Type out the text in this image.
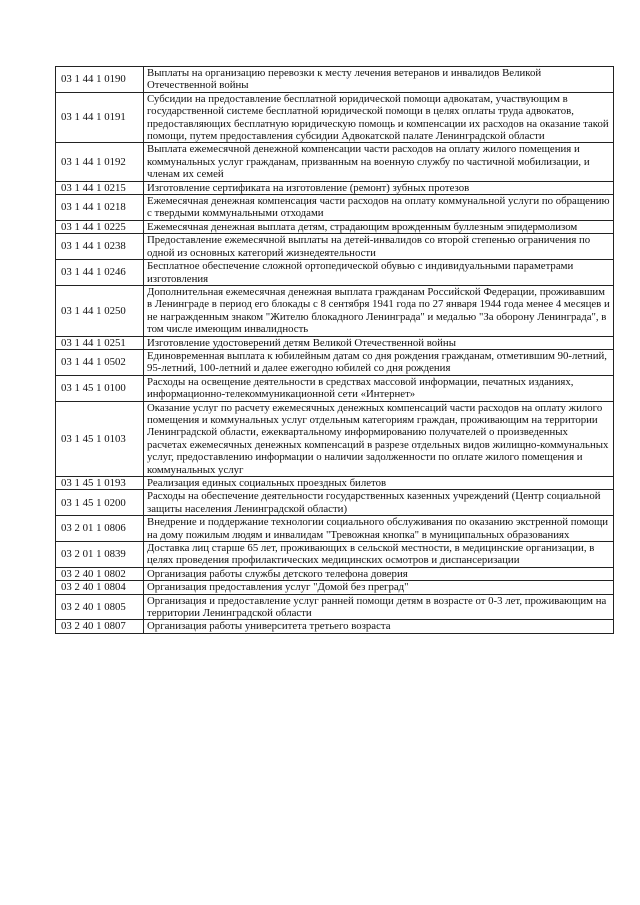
03 1 44 1 0190	Выплаты на организацию перевозки к месту лечения ветеранов и инвалидов Великой Отечественной войны
03 1 44 1 0191	Субсидии на предоставление бесплатной юридической помощи адвокатам, участвующим в государственной системе бесплатной юридической помощи в целях оплаты труда адвокатов, предоставляющих бесплатную юридическую помощь и компенсации их расходов на оказание такой помощи, путем предоставления субсидии Адвокатской палате Ленинградской области
03 1 44 1 0192	Выплата ежемесячной денежной компенсации части расходов на оплату жилого помещения и коммунальных услуг гражданам, призванным на военную службу по частичной мобилизации, и членам их семей
03 1 44 1 0215	Изготовление сертификата на изготовление (ремонт) зубных протезов
03 1 44 1 0218	Ежемесячная денежная компенсация части расходов на оплату коммунальной услуги по обращению с твердыми коммунальными отходами
03 1 44 1 0225	Ежемесячная денежная выплата детям, страдающим врожденным буллезным эпидермолизом
03 1 44 1 0238	Предоставление ежемесячной выплаты на детей-инвалидов со второй степенью ограничения по одной из основных категорий жизнедеятельности
03 1 44 1 0246	Бесплатное обеспечение сложной ортопедической обувью с индивидуальными параметрами изготовления
03 1 44 1 0250	Дополнительная ежемесячная денежная выплата гражданам Российской Федерации, проживавшим в Ленинграде в период его блокады с 8 сентября 1941 года по 27 января 1944 года менее 4 месяцев и не награжденным знаком "Жителю блокадного Ленинграда" и медалью "За оборону Ленинграда", в том числе имеющим инвалидность
03 1 44 1 0251	Изготовление удостоверений детям Великой Отечественной войны
03 1 44 1 0502	Единовременная выплата к юбилейным датам со дня рождения гражданам, отметившим 90-летний, 95-летний, 100-летний и далее ежегодно юбилей со дня рождения
03 1 45 1 0100	Расходы на освещение деятельности в средствах массовой информации, печатных изданиях, информационно-телекоммуникационной сети «Интернет»
03 1 45 1 0103	Оказание услуг по расчету ежемесячных денежных компенсаций части расходов на оплату жилого помещения и коммунальных услуг отдельным категориям граждан, проживающим на территории Ленинградской области, ежеквартальному информированию получателей о произведенных расчетах ежемесячных денежных компенсаций в разрезе отдельных видов жилищно-коммунальных услуг, предоставлению информации о наличии задолженности по оплате жилого помещения и коммунальных услуг
03 1 45 1 0193	Реализация единых социальных проездных билетов
03 1 45 1 0200	Расходы на обеспечение деятельности государственных казенных учреждений (Центр социальной защиты населения Ленинградской области)
03 2 01 1 0806	Внедрение и поддержание технологии социального обслуживания по оказанию экстренной помощи на дому пожилым людям и инвалидам "Тревожная кнопка" в муниципальных образованиях
03 2 01 1 0839	Доставка лиц старше 65 лет, проживающих в сельской местности, в медицинские организации, в целях проведения профилактических медицинских осмотров и диспансеризации
03 2 40 1 0802	Организация работы службы детского телефона доверия
03 2 40 1 0804	Организация предоставления услуг "Домой без преград"
03 2 40 1 0805	Организация и предоставление услуг ранней помощи детям в возрасте от 0-3 лет, проживающим на территории Ленинградской области
03 2 40 1 0807	Организация работы университета третьего возраста
